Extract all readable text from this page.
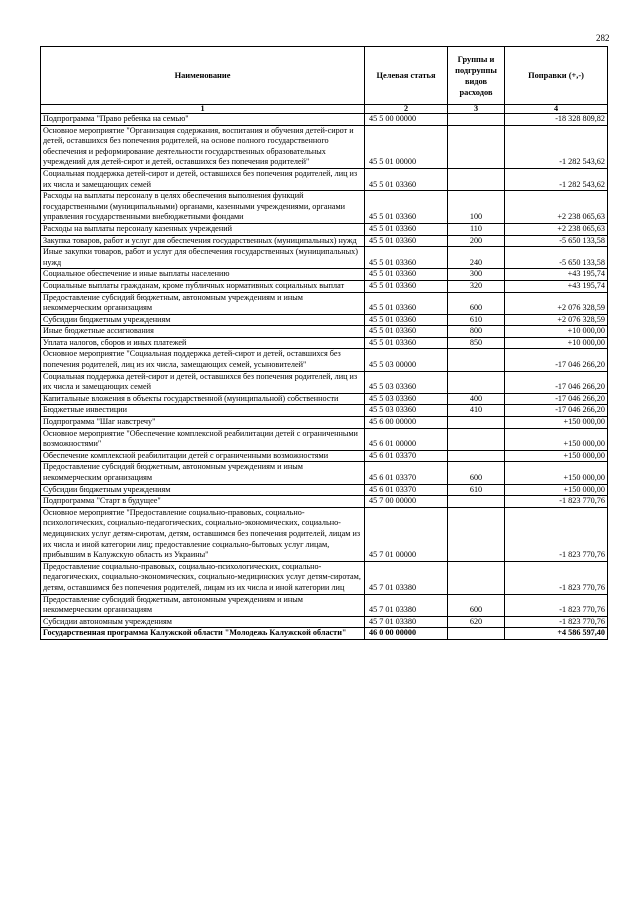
282
Наименование	Целевая статья	Группы и подгруппы видов расходов	Поправки (+,-)
1	2	3	4
Подпрограмма "Право ребенка на семью"	45 5 00 00000		-18 328 809,82
Основное мероприятие "Организация содержания, воспитания и обучения детей-сирот и детей, оставшихся без попечения родителей, на основе полного государственного обеспечения и реформирование деятельности государственных образовательных учреждений для детей-сирот и детей, оставшихся без попечения родителей"	45 5 01 00000		-1 282 543,62
Социальная поддержка детей-сирот и детей, оставшихся без попечения родителей, лиц из их числа и замещающих семей	45 5 01 03360		-1 282 543,62
Расходы на выплаты персоналу в целях обеспечения выполнения функций государственными (муниципальными) органами, казенными учреждениями, органами управления государственными внебюджетными фондами	45 5 01 03360	100	+2 238 065,63
Расходы на выплаты персоналу казенных учреждений	45 5 01 03360	110	+2 238 065,63
Закупка товаров, работ и услуг для обеспечения государственных (муниципальных) нужд	45 5 01 03360	200	-5 650 133,58
Иные закупки товаров, работ и услуг для обеспечения государственных (муниципальных) нужд	45 5 01 03360	240	-5 650 133,58
Социальное обеспечение и иные выплаты населению	45 5 01 03360	300	+43 195,74
Социальные выплаты гражданам, кроме публичных нормативных социальных выплат	45 5 01 03360	320	+43 195,74
Предоставление субсидий бюджетным, автономным учреждениям и иным некоммерческим организациям	45 5 01 03360	600	+2 076 328,59
Субсидии бюджетным учреждениям	45 5 01 03360	610	+2 076 328,59
Иные бюджетные ассигнования	45 5 01 03360	800	+10 000,00
Уплата налогов, сборов и иных платежей	45 5 01 03360	850	+10 000,00
Основное мероприятие "Социальная поддержка детей-сирот и детей, оставшихся без попечения родителей, лиц из их числа, замещающих семей, усыновителей"	45 5 03 00000		-17 046 266,20
Социальная поддержка детей-сирот и детей, оставшихся без попечения родителей, лиц из их числа и замещающих семей	45 5 03 03360		-17 046 266,20
Капитальные вложения в объекты государственной (муниципальной) собственности	45 5 03 03360	400	-17 046 266,20
Бюджетные инвестиции	45 5 03 03360	410	-17 046 266,20
Подпрограмма "Шаг навстречу"	45 6 00 00000		+150 000,00
Основное мероприятие "Обеспечение комплексной реабилитации детей с ограниченными возможностями"	45 6 01 00000		+150 000,00
Обеспечение комплексной реабилитации детей с ограниченными возможностями	45 6 01 03370		+150 000,00
Предоставление субсидий бюджетным, автономным учреждениям и иным некоммерческим организациям	45 6 01 03370	600	+150 000,00
Субсидии бюджетным учреждениям	45 6 01 03370	610	+150 000,00
Подпрограмма "Старт в будущее"	45 7 00 00000		-1 823 770,76
Основное мероприятие "Предоставление социально-правовых, социально-психологических, социально-педагогических, социально-экономических, социально-медицинских услуг детям-сиротам, детям, оставшимся без попечения родителей, лицам из их числа и иной категории лиц; предоставление социально-бытовых услуг лицам, прибывшим в Калужскую область из Украины"	45 7 01 00000		-1 823 770,76
Предоставление социально-правовых, социально-психологических, социально-педагогических, социально-экономических, социально-медицинских услуг детям-сиротам, детям, оставшимся без попечения родителей, лицам из их числа и иной категории лиц	45 7 01 03380		-1 823 770,76
Предоставление субсидий бюджетным, автономным учреждениям и иным некоммерческим организациям	45 7 01 03380	600	-1 823 770,76
Субсидии автономным учреждениям	45 7 01 03380	620	-1 823 770,76
Государственная программа Калужской области "Молодежь Калужской области"	46 0 00 00000		+4 586 597,40
